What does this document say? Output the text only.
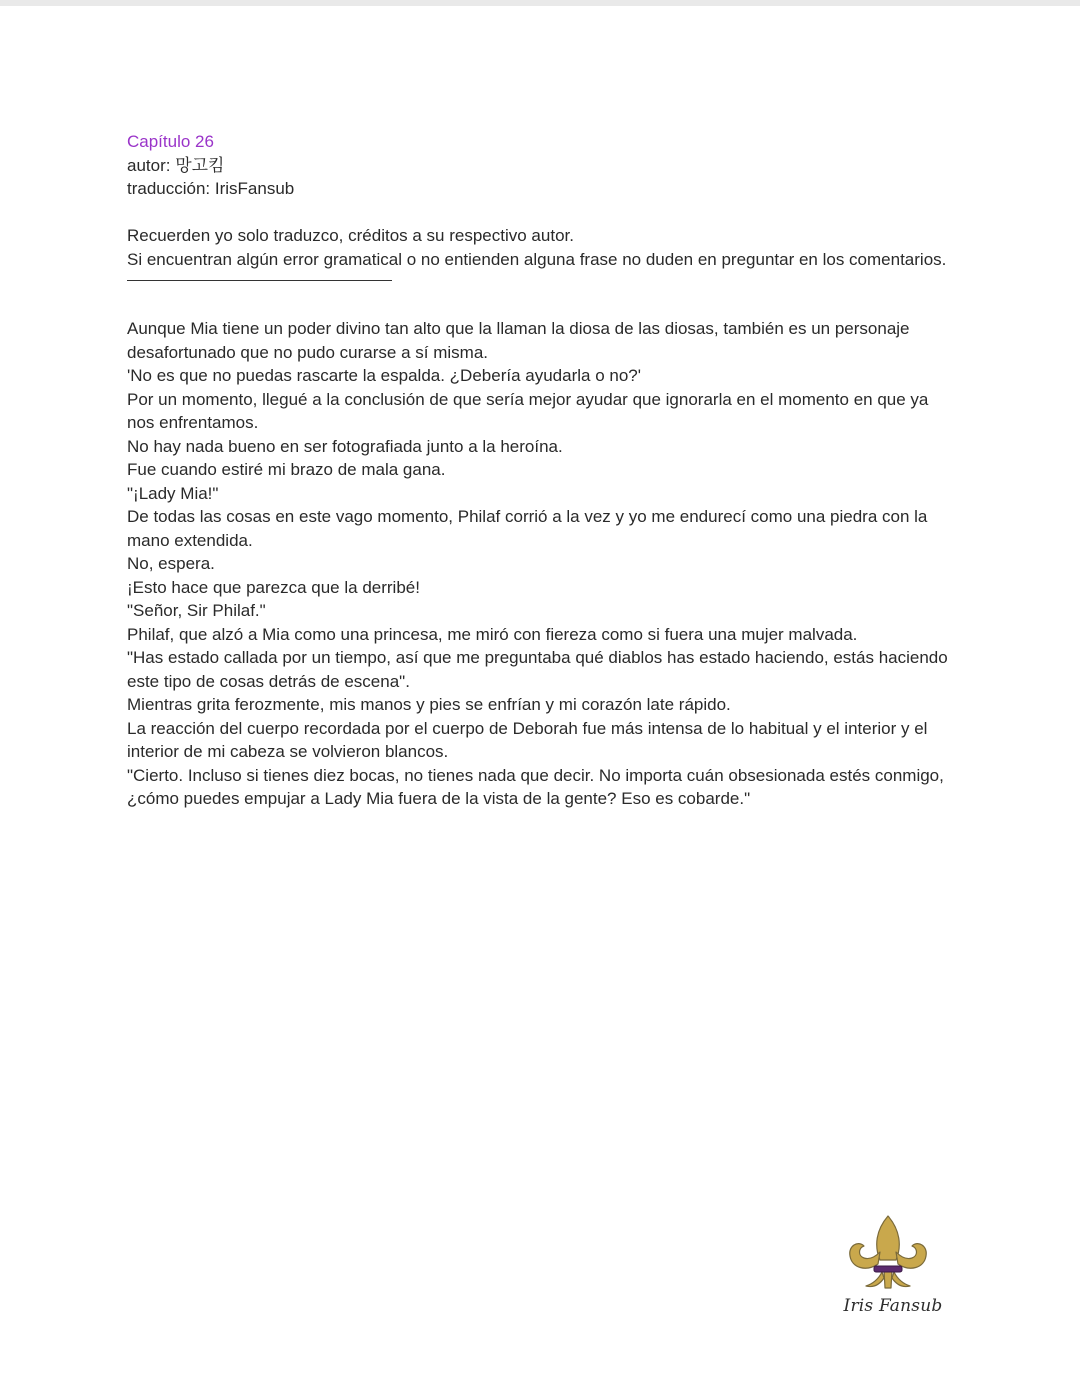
Capítulo 26

autor: 망고킴

traducción: IrisFansub

Recuerden yo solo traduzco, créditos a su respectivo autor.

Si encuentran algún error gramatical o no entienden alguna frase no duden en preguntar en los comentarios.

Aunque Mia tiene un poder divino tan alto que la llaman la diosa de las diosas, también es un personaje desafortunado que no pudo curarse a sí misma.

'No es que no puedas rascarte la espalda. ¿Debería ayudarla o no?'

Por un momento, llegué a la conclusión de que sería mejor ayudar que ignorarla en el momento en que ya nos enfrentamos.

No hay nada bueno en ser fotografiada junto a la heroína.

Fue cuando estiré mi brazo de mala gana.

"¡Lady Mia!"

De todas las cosas en este vago momento, Philaf corrió a la vez y yo me endurecí como una piedra con la mano extendida.

No, espera.

¡Esto hace que parezca que la derribé!

"Señor, Sir Philaf."

Philaf, que alzó a Mia como una princesa, me miró con fiereza como si fuera una mujer malvada.

"Has estado callada por un tiempo, así que me preguntaba qué diablos has estado haciendo, estás haciendo este tipo de cosas detrás de escena".

Mientras grita ferozmente, mis manos y pies se enfrían y mi corazón late rápido.

La reacción del cuerpo recordada por el cuerpo de Deborah fue más intensa de lo habitual y el interior y el interior de mi cabeza se volvieron blancos.

"Cierto. Incluso si tienes diez bocas, no tienes nada que decir. No importa cuán obsesionada estés conmigo, ¿cómo puedes empujar a Lady Mia fuera de la vista de la gente? Eso es cobarde."

Iris Fansub
